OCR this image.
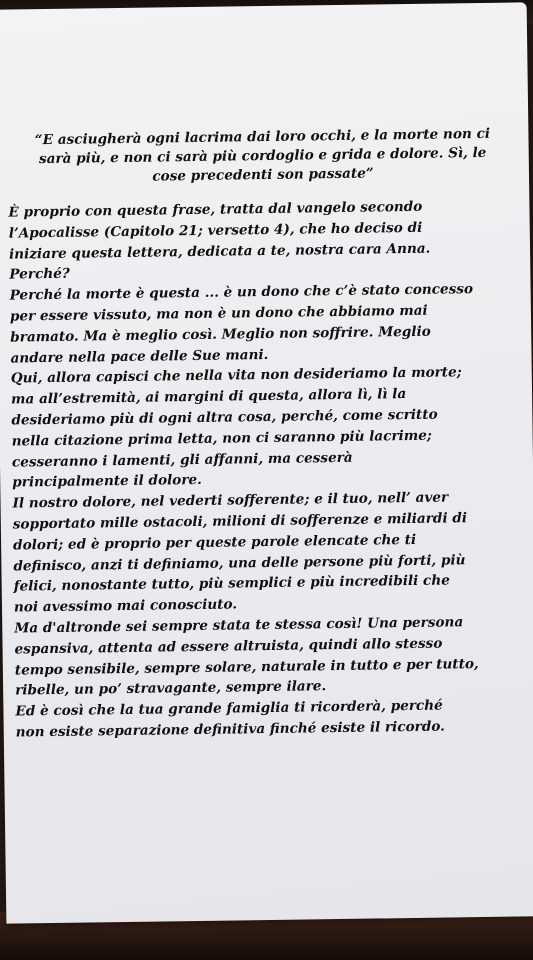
“E asciugherà ogni lacrima dai loro occhi, e la morte non ci
sarà più, e non ci sarà più cordoglio e grida e dolore. Sì, le
cose precedenti son passate”
È proprio con questa frase, tratta dal vangelo secondo
l’Apocalisse (Capitolo 21; versetto 4), che ho deciso di
iniziare questa lettera, dedicata a te, nostra cara Anna.
Perché?
Perché la morte è questa ... è un dono che c’è stato concesso
per essere vissuto, ma non è un dono che abbiamo mai
bramato. Ma è meglio così. Meglio non soffrire. Meglio
andare nella pace delle Sue mani.
Qui, allora capisci che nella vita non desideriamo la morte;
ma all’estremità, ai margini di questa, allora lì, lì la
desideriamo più di ogni altra cosa, perché, come scritto
nella citazione prima letta, non ci saranno più lacrime;
cesseranno i lamenti, gli affanni, ma cesserà
principalmente il dolore.
Il nostro dolore, nel vederti sofferente; e il tuo, nell’ aver
sopportato mille ostacoli, milioni di sofferenze e miliardi di
dolori; ed è proprio per queste parole elencate che ti
definisco, anzi ti definiamo, una delle persone più forti, più
felici, nonostante tutto, più semplici e più incredibili che
noi avessimo mai conosciuto.
Ma d'altronde sei sempre stata te stessa così! Una persona
espansiva, attenta ad essere altruista, quindi allo stesso
tempo sensibile, sempre solare, naturale in tutto e per tutto,
ribelle, un po’ stravagante, sempre ilare.
Ed è così che la tua grande famiglia ti ricorderà, perché
non esiste separazione definitiva finché esiste il ricordo.
